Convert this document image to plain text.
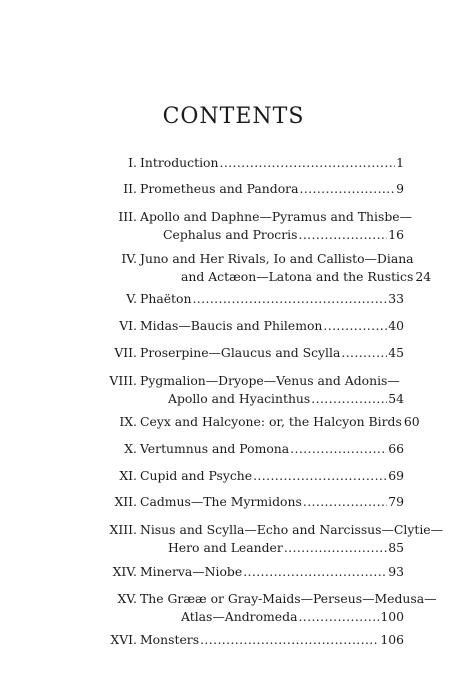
CONTENTS
I. Introduction .....	1
II. Prometheus and Pandora .....	9
III. Apollo and Daphne—Pyramus and Thisbe—
Cephalus and Procris .....	16
IV. Juno and Her Rivals, Io and Callisto—Diana
and Actæon—Latona and the Rustics 24
V. Phaëton .....	33
VI. Midas—Baucis and Philemon .....	40
VII. Proserpine—Glaucus and Scylla .....	45
VIII. Pygmalion—Dryope—Venus and Adonis—
Apollo and Hyacinthus .....	54
IX. Ceyx and Halcyone: or, the Halcyon Birds 60
X. Vertumnus and Pomona .....	66
XI. Cupid and Psyche .....	69
XII. Cadmus—The Myrmidons .....	79
XIII. Nisus and Scylla—Echo and Narcissus—Clytie—
Hero and Leander .....	85
XIV. Minerva—Niobe .....	93
XV. The Grææ or Gray-Maids—Perseus—Medusa—
Atlas—Andromeda .....	100
XVI. Monsters .....	106
